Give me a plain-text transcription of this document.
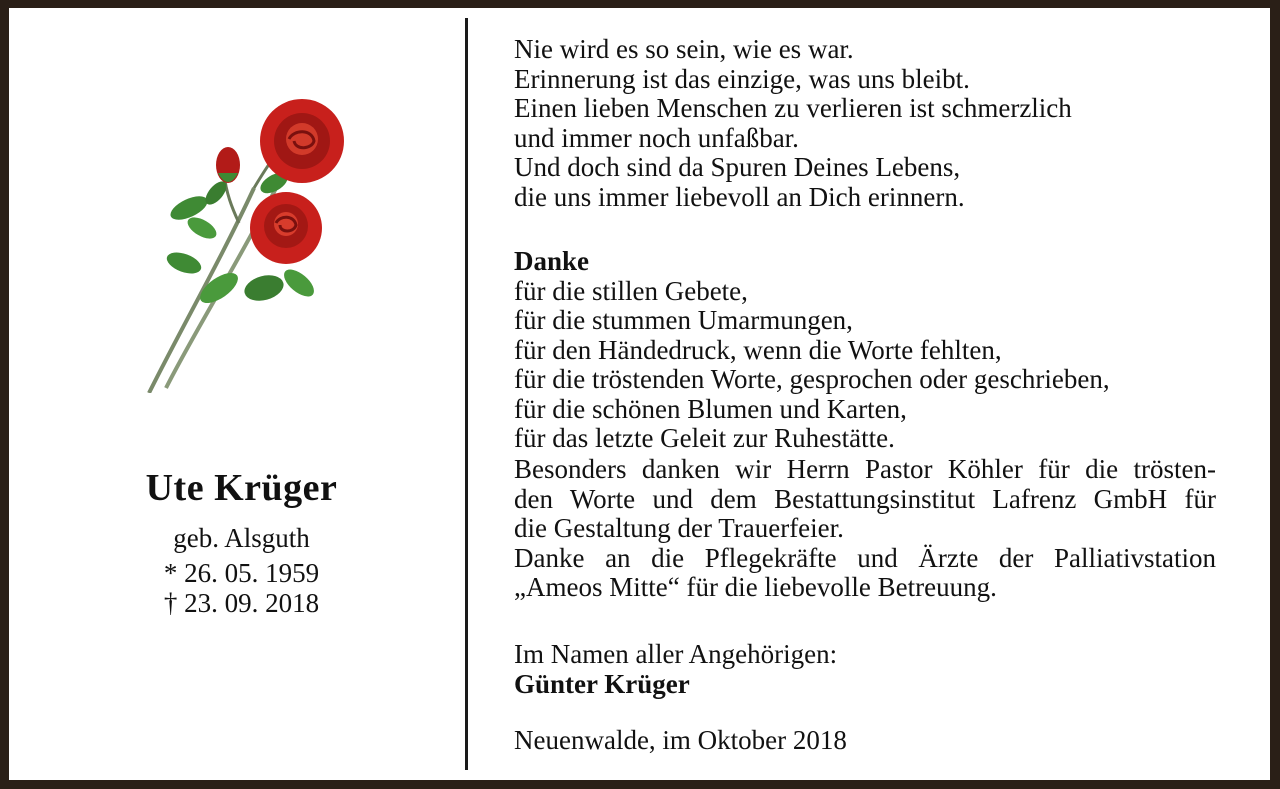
Ute Krüger
geb. Alsguth
* 26. 05. 1959
† 23. 09. 2018
Nie wird es so sein, wie es war.
Erinnerung ist das einzige, was uns bleibt.
Einen lieben Menschen zu verlieren ist schmerzlich
und immer noch unfaßbar.
Und doch sind da Spuren Deines Lebens,
die uns immer liebevoll an Dich erinnern.
Danke
für die stillen Gebete,
für die stummen Umarmungen,
für den Händedruck, wenn die Worte fehlten,
für die tröstenden Worte, gesprochen oder geschrieben,
für die schönen Blumen und Karten,
für das letzte Geleit zur Ruhestätte.
Besonders danken wir Herrn Pastor Köhler für die trösten-
den Worte und dem Bestattungsinstitut Lafrenz GmbH für
die Gestaltung der Trauerfeier.
Danke an die Pflegekräfte und Ärzte der Palliativstation
„Ameos Mitte“ für die liebevolle Betreuung.
Im Namen aller Angehörigen:
Günter Krüger
Neuenwalde, im Oktober 2018
